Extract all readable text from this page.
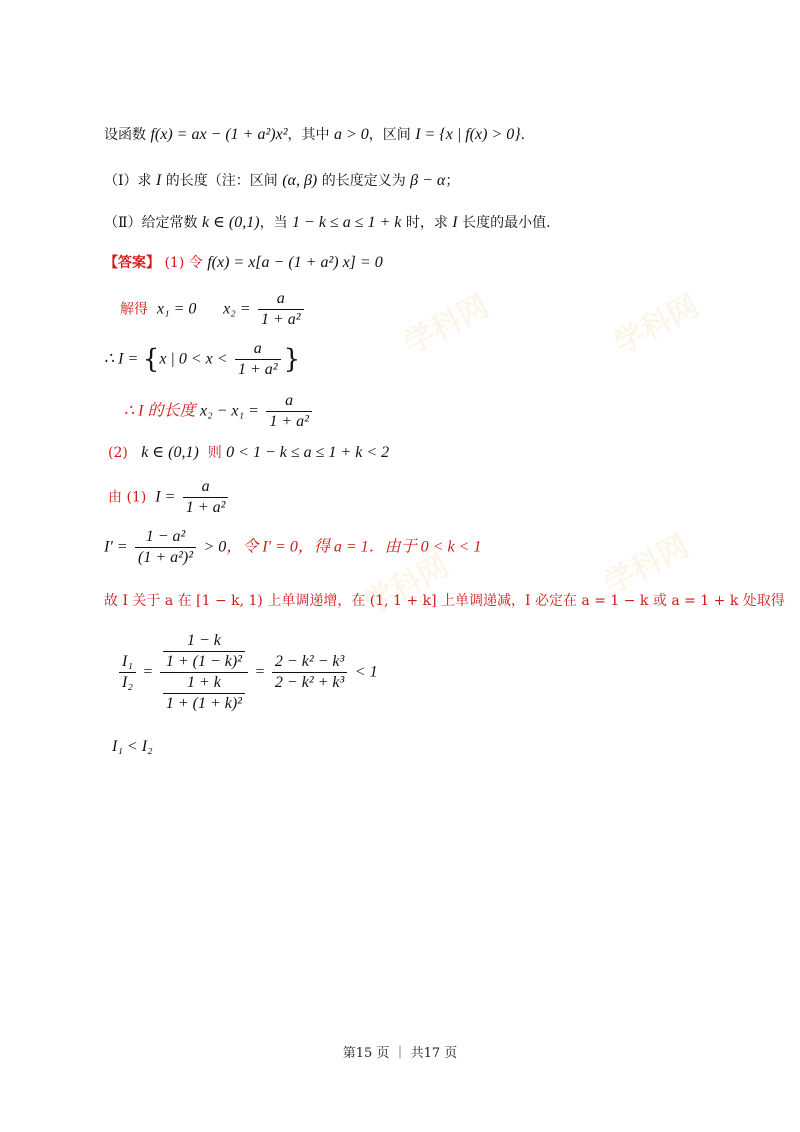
学科网	学科网
学科网	学科网
设函数 f(x) = ax − (1 + a²)x²，其中 a > 0，区间 I = {x | f(x) > 0}.
（Ⅰ）求 I 的长度（注：区间 (α, β) 的长度定义为 β − α；
（Ⅱ）给定常数 k ∈ (0,1)，当 1 − k ≤ a ≤ 1 + k 时，求 I 长度的最小值.
【答案】 (1) 令 f(x) = x[a − (1 + a²) x] = 0
解得 x₁ = 0 $x_2 = \frac{a}{\text{1 + a²}}$
∴ I = {x | $0 < x < \frac{a}{\text{1 + a²}}$ }
∴ I 的长度 $x_2 - x_1 = \frac{a}{\text{1 + a²}}$
(2) k ∈ (0,1) 则 0 < 1 − k ≤ a ≤ 1 + k < 2
由 (1) $I = \frac{a}{\text{1 + a²}}$
$I' = \frac{\text{1 − a²}}{\text{(1 + a²)²}} > 0$，令 I' = 0，得 a = 1．由于 0 < k < 1
故 I 关于 a 在 [1 − k, 1) 上单调递增，在 (1, 1 + k] 上单调递减，I 必定在 a = 1 − k 或 a = 1 + k 处取得
$\frac{\text{I₁}}{\text{I₂}} = \frac{\frac{1 - k}{\text{1 + (1 − k)²}}}{\frac{1 + k}{\text{1 + (1 + k)²}}} = \frac{\text{2 − k² − k³}}{\text{2 − k² + k³}} < 1$
I₁ < I₂
第15 页 ｜ 共17 页
